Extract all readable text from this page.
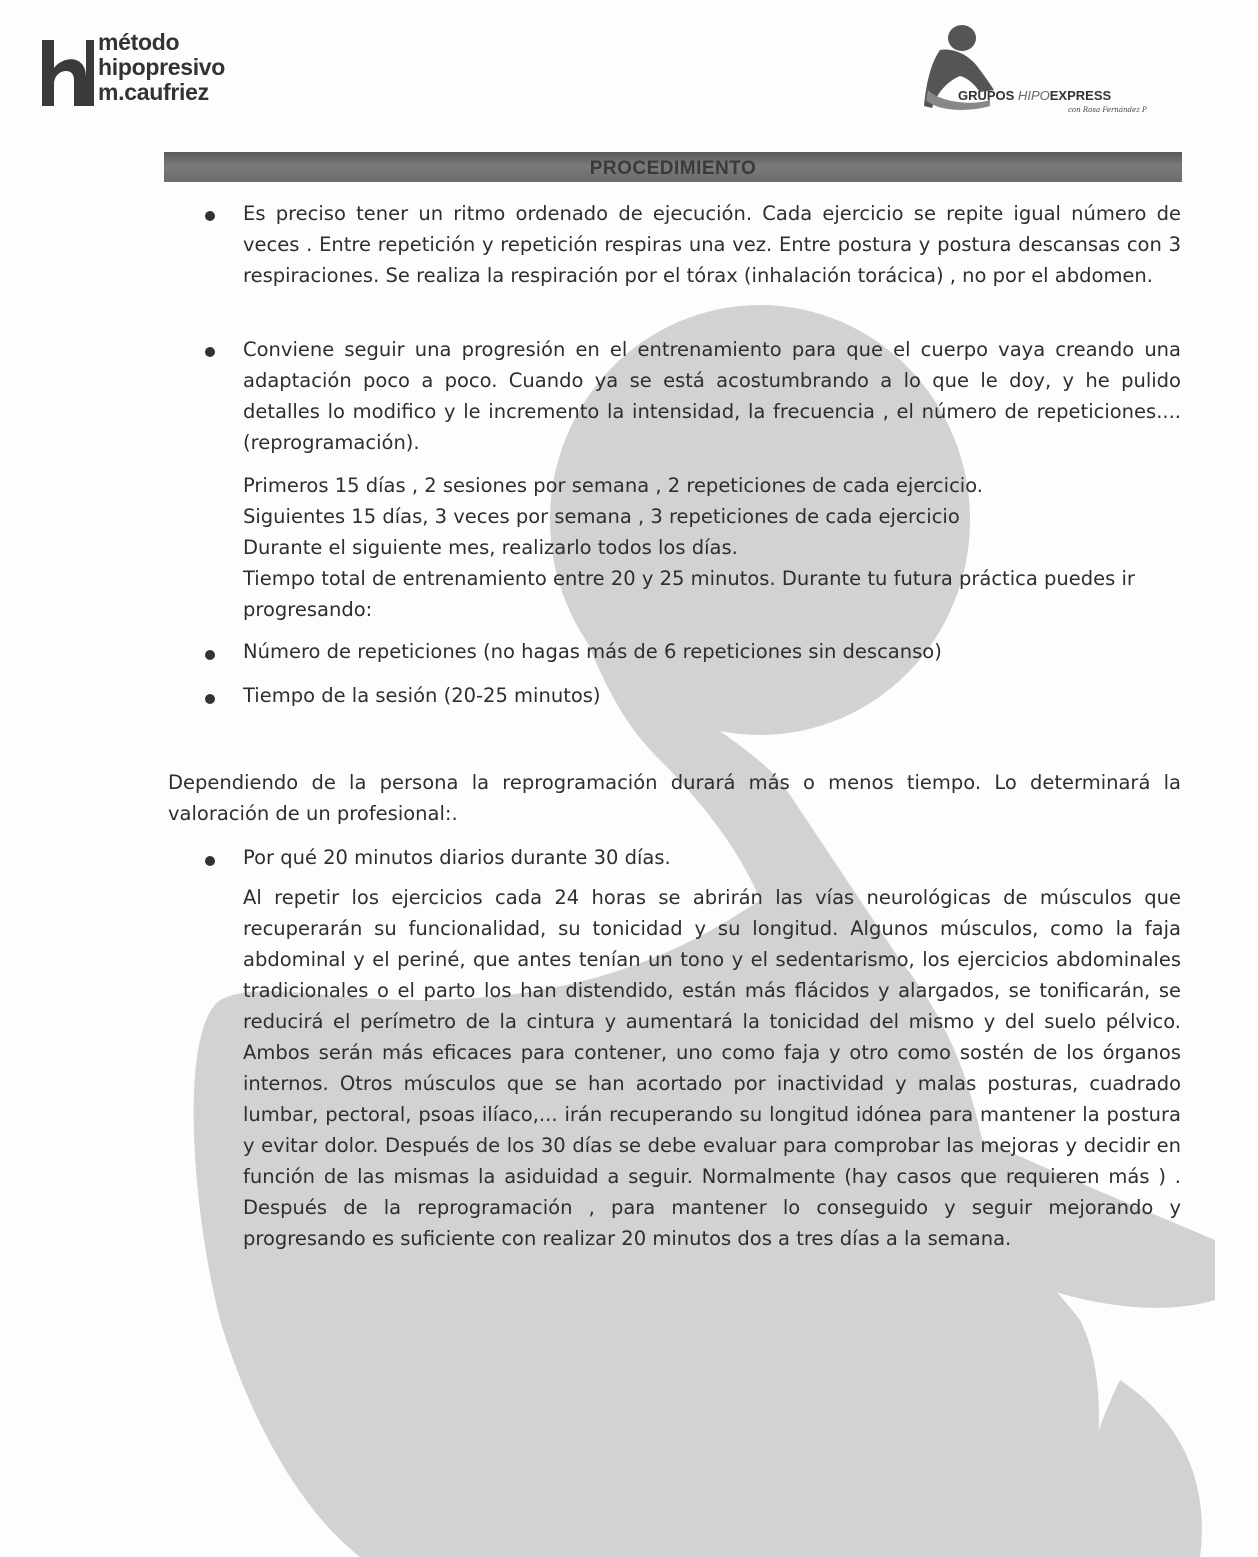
método
hipopresivo
m.caufriez	GRUPOS HIPOEXPRESS
con Rosa Fernández P
PROCEDIMIENTO
Es preciso tener un ritmo ordenado de ejecución. Cada ejercicio se repite igual número de veces . Entre repetición y repetición respiras una vez. Entre postura y postura descansas con 3 respiraciones. Se realiza la respiración por el tórax (inhalación torácica) , no por el abdomen.
Conviene seguir una progresión en el entrenamiento para que el cuerpo vaya creando una adaptación poco a poco. Cuando ya se está acostumbrando a lo que le doy, y he pulido detalles lo modifico y le incremento la intensidad, la frecuencia , el número de repeticiones.... (reprogramación).
Primeros 15 días , 2 sesiones por semana , 2 repeticiones de cada ejercicio.
Siguientes 15 días, 3 veces por semana , 3 repeticiones de cada ejercicio
Durante el siguiente mes, realizarlo todos los días.
Tiempo total de entrenamiento entre 20 y 25 minutos. Durante tu futura práctica puedes ir progresando:
Número de repeticiones (no hagas más de 6 repeticiones sin descanso)
Tiempo de la sesión (20-25 minutos)
Dependiendo de la persona la reprogramación durará más o menos tiempo. Lo determinará la valoración de un profesional:.
Por qué 20 minutos diarios durante 30 días.
Al repetir los ejercicios cada 24 horas se abrirán las vías neurológicas de músculos que recuperarán su funcionalidad, su tonicidad y su longitud. Algunos músculos, como la faja abdominal y el periné, que antes tenían un tono y el sedentarismo, los ejercicios abdominales tradicionales o el parto los han distendido, están más flácidos y alargados, se tonificarán, se reducirá el perímetro de la cintura y aumentará la tonicidad del mismo y del suelo pélvico. Ambos serán más eficaces para contener, uno como faja y otro como sostén de los órganos internos. Otros músculos que se han acortado por inactividad y malas posturas, cuadrado lumbar, pectoral, psoas ilíaco,... irán recuperando su longitud idónea para mantener la postura y evitar dolor. Después de los 30 días se debe evaluar para comprobar las mejoras y decidir en función de las mismas la asiduidad a seguir. Normalmente (hay casos que requieren más ) . Después de la reprogramación , para mantener lo conseguido y seguir mejorando y progresando es suficiente con realizar 20 minutos dos a tres días a la semana.
